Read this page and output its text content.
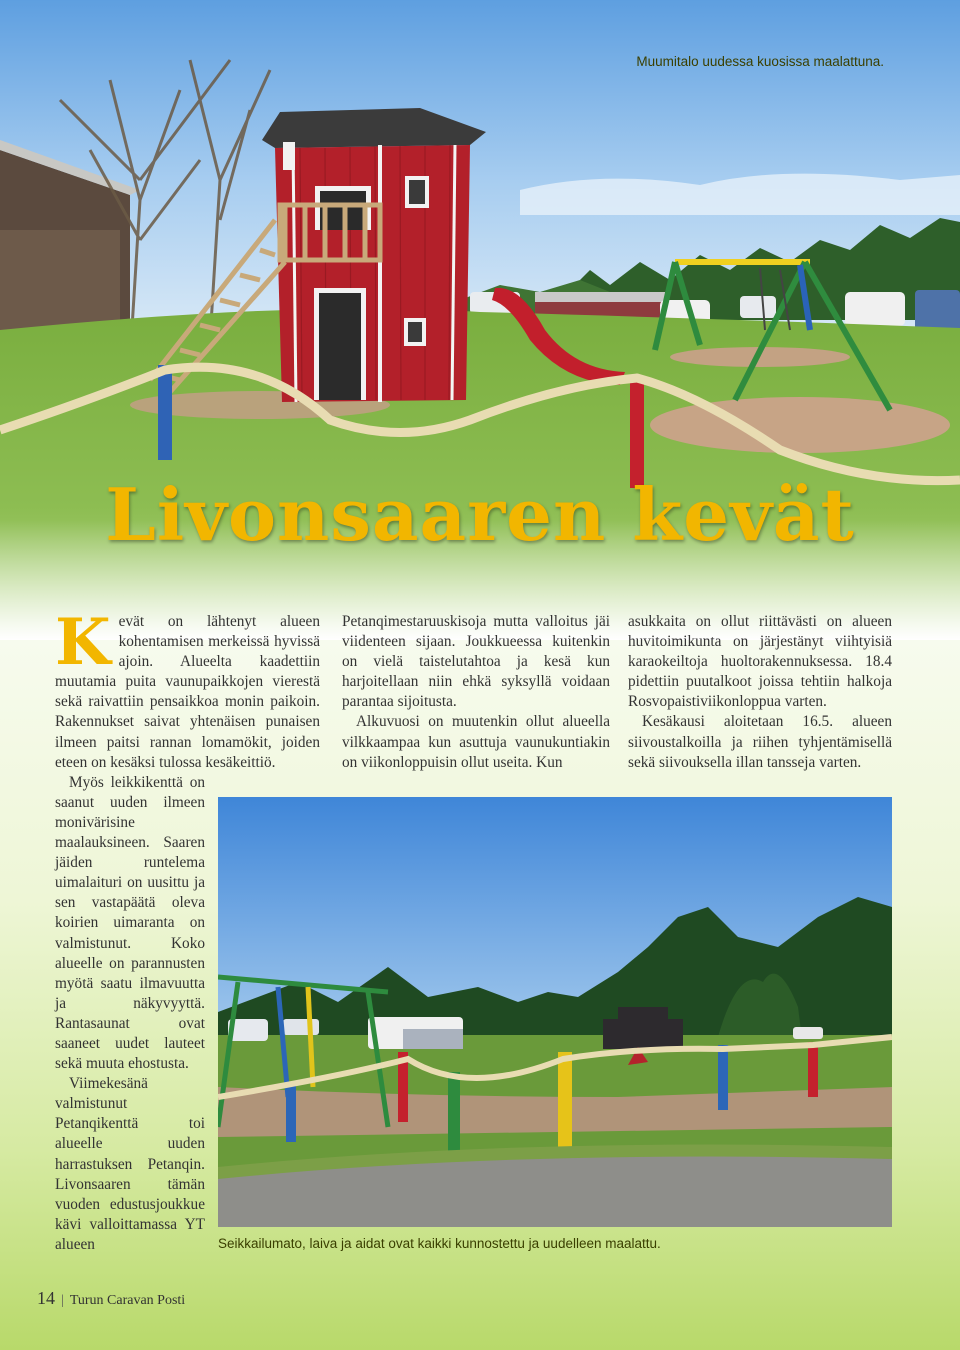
Muumitalo uudessa kuosissa maalattuna.
Livonsaaren kevät

Kevät on lähtenyt alueen kohentamisen merkeissä hyvissä ajoin. Alueelta kaadettiin muutamia puita vaunupaikkojen vierestä sekä raivattiin pensaikkoa monin paikoin. Rakennukset saivat yhtenäisen punaisen ilmeen paitsi rannan lomamökit, joiden eteen on kesäksi tulossa kesäkeittiö.

Myös leikkikenttä on saanut uuden ilmeen monivärisine maalauksineen. Saaren jäiden runtelema uimalaituri on uusittu ja sen vastapäätä oleva koirien uimaranta on valmistunut. Koko alueelle on parannusten myötä saatu ilmavuutta ja näkyvyyttä. Rantasaunat ovat saaneet uudet lauteet sekä muuta ehostusta.

Viimekesänä valmistunut Petanqikenttä toi alueelle uuden harrastuksen Petanqin. Livonsaaren tämän vuoden edustusjoukkue kävi valloittamassa YT alueen

Petanqimestaruuskisoja mutta valloitus jäi viidenteen sijaan. Joukkueessa kuitenkin on vielä taistelutahtoa ja kesä kun harjoitellaan niin ehkä syksyllä voidaan parantaa sijoitusta.

Alkuvuosi on muutenkin ollut alueella vilkkaampaa kun asuttuja vaunukuntiakin on viikonloppuisin ollut useita. Kun

asukkaita on ollut riittävästi on alueen huvitoimikunta on järjestänyt viihtyisiä karaokeiltoja huoltorakennuksessa. 18.4 pidettiin puutalkoot joissa tehtiin halkoja Rosvopaistiviikonloppua varten.

Kesäkausi aloitetaan 16.5. alueen siivoustalkoilla ja riihen tyhjentämisellä sekä siivouksella illan tansseja varten.

Seikkailumato, laiva ja aidat ovat kaikki kunnostettu ja uudelleen maalattu.
14 | Turun Caravan Posti
